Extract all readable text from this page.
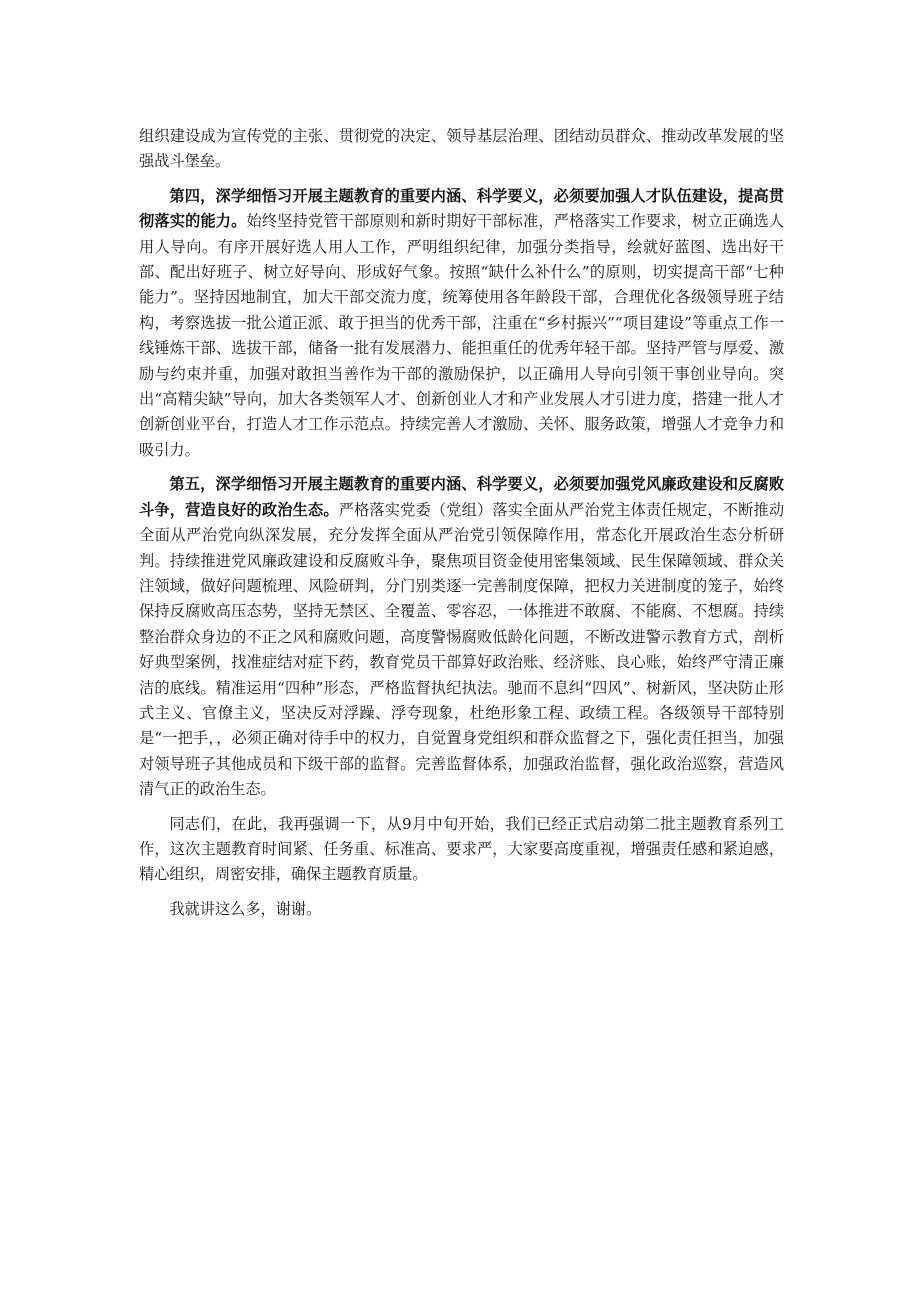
组织建设成为宣传党的主张、贯彻党的决定、领导基层治理、团结动员群众、推动改革发展的坚强战斗堡垒。

第四，深学细悟习开展主题教育的重要内涵、科学要义，必须要加强人才队伍建设，提高贯彻落实的能力。始终坚持党管干部原则和新时期好干部标准，严格落实工作要求，树立正确选人用人导向。有序开展好选人用人工作，严明组织纪律，加强分类指导，绘就好蓝图、选出好干部、配出好班子、树立好导向、形成好气象。按照“缺什么补什么”的原则，切实提高干部“七种能力”。坚持因地制宜，加大干部交流力度，统筹使用各年龄段干部，合理优化各级领导班子结构，考察选拔一批公道正派、敢于担当的优秀干部，注重在“乡村振兴”“项目建设”等重点工作一线锤炼干部、选拔干部，储备一批有发展潜力、能担重任的优秀年轻干部。坚持严管与厚爱、激励与约束并重，加强对敢担当善作为干部的激励保护，以正确用人导向引领干事创业导向。突出“高精尖缺”导向，加大各类领军人才、创新创业人才和产业发展人才引进力度，搭建一批人才创新创业平台，打造人才工作示范点。持续完善人才激励、关怀、服务政策，增强人才竞争力和吸引力。

第五，深学细悟习开展主题教育的重要内涵、科学要义，必须要加强党风廉政建设和反腐败斗争，营造良好的政治生态。严格落实党委（党组）落实全面从严治党主体责任规定，不断推动全面从严治党向纵深发展，充分发挥全面从严治党引领保障作用，常态化开展政治生态分析研判。持续推进党风廉政建设和反腐败斗争，聚焦项目资金使用密集领域、民生保障领域、群众关注领域，做好问题梳理、风险研判，分门别类逐一完善制度保障，把权力关进制度的笼子，始终保持反腐败高压态势，坚持无禁区、全覆盖、零容忍，一体推进不敢腐、不能腐、不想腐。持续整治群众身边的不正之风和腐败问题，高度警惕腐败低龄化问题，不断改进警示教育方式，剖析好典型案例，找准症结对症下药，教育党员干部算好政治账、经济账、良心账，始终严守清正廉洁的底线。精准运用“四种”形态，严格监督执纪执法。驰而不息纠“四风”、树新风，坚决防止形式主义、官僚主义，坚决反对浮躁、浮夸现象，杜绝形象工程、政绩工程。各级领导干部特别是“一把手，，必须正确对待手中的权力，自觉置身党组织和群众监督之下，强化责任担当，加强对领导班子其他成员和下级干部的监督。完善监督体系，加强政治监督，强化政治巡察，营造风清气正的政治生态。

同志们，在此，我再强调一下，从9月中旬开始，我们已经正式启动第二批主题教育系列工作，这次主题教育时间紧、任务重、标准高、要求严，大家要高度重视，增强责任感和紧迫感，精心组织，周密安排，确保主题教育质量。

我就讲这么多，谢谢。
